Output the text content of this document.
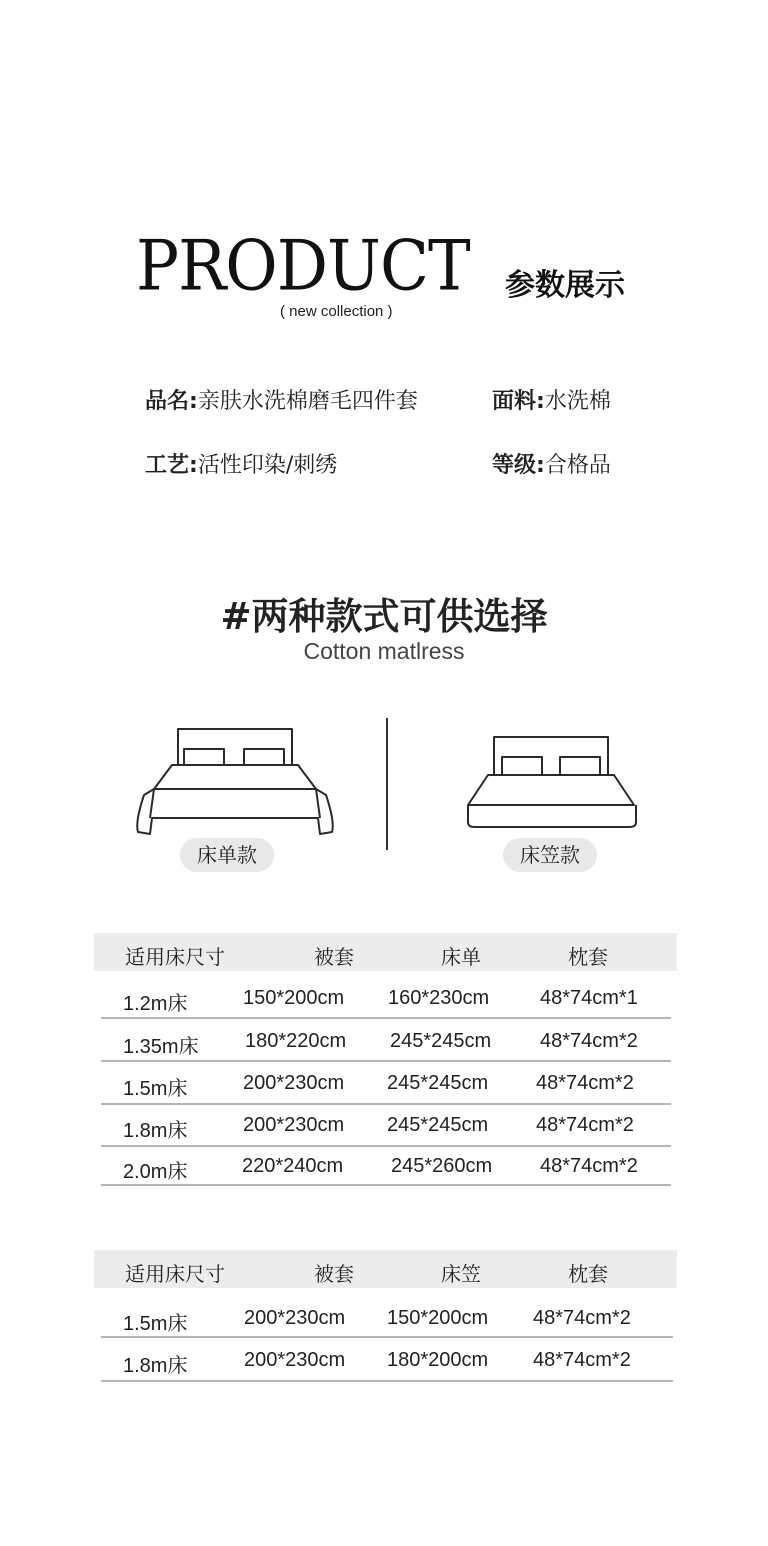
PRODUCT
( new collection )
参数展示
品名:亲肤水洗棉磨毛四件套	面料:水洗棉
工艺:活性印染/刺绣	等级:合格品
#两种款式可供选择
Cotton matlress
床单款	床笠款
适用床尺寸	被套	床单	枕套
1.2m床	150*200cm 160*230cm	48*74cm*1
1.35m床 180*220cm 245*245cm 48*74cm*2
1.5m床	200*230cm 245*245cm 48*74cm*2
1.8m床	200*230cm 245*245cm 48*74cm*2
2.0m床	220*240cm 245*260cm 48*74cm*2
适用床尺寸	被套	床笠	枕套
1.5m床	200*230cm 150*200cm 48*74cm*2
1.8m床	200*230cm 180*200cm 48*74cm*2
